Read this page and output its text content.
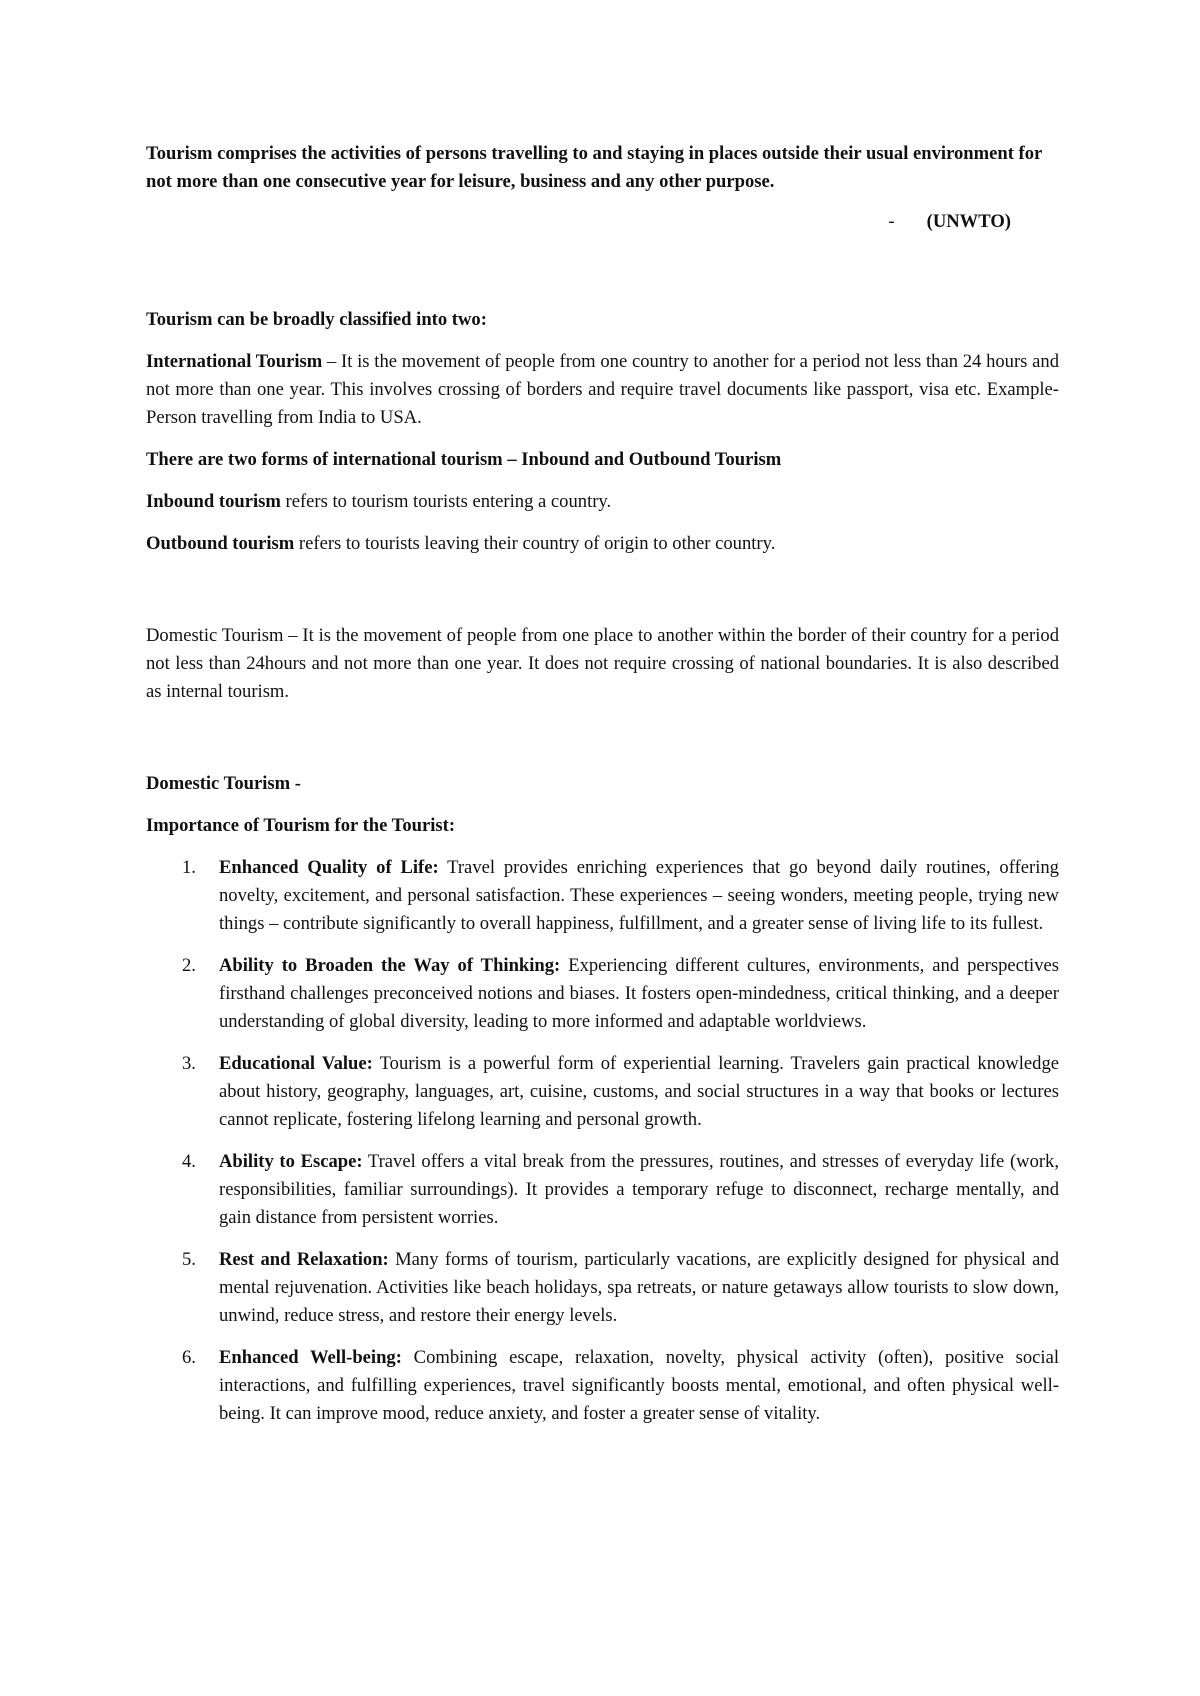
Tourism comprises the activities of persons travelling to and staying in places outside their usual environment for not more than one consecutive year for leisure, business and any other purpose.

- (UNWTO)

Tourism can be broadly classified into two:

International Tourism – It is the movement of people from one country to another for a period not less than 24 hours and not more than one year. This involves crossing of borders and require travel documents like passport, visa etc. Example- Person travelling from India to USA.

There are two forms of international tourism – Inbound and Outbound Tourism

Inbound tourism refers to tourism tourists entering a country.

Outbound tourism refers to tourists leaving their country of origin to other country.

Domestic Tourism – It is the movement of people from one place to another within the border of their country for a period not less than 24hours and not more than one year. It does not require crossing of national boundaries. It is also described as internal tourism.

Domestic Tourism -

Importance of Tourism for the Tourist:

1. Enhanced Quality of Life: Travel provides enriching experiences that go beyond daily routines, offering novelty, excitement, and personal satisfaction. These experiences – seeing wonders, meeting people, trying new things – contribute significantly to overall happiness, fulfillment, and a greater sense of living life to its fullest.
2. Ability to Broaden the Way of Thinking: Experiencing different cultures, environments, and perspectives firsthand challenges preconceived notions and biases. It fosters open-mindedness, critical thinking, and a deeper understanding of global diversity, leading to more informed and adaptable worldviews.
3. Educational Value: Tourism is a powerful form of experiential learning. Travelers gain practical knowledge about history, geography, languages, art, cuisine, customs, and social structures in a way that books or lectures cannot replicate, fostering lifelong learning and personal growth.
4. Ability to Escape: Travel offers a vital break from the pressures, routines, and stresses of everyday life (work, responsibilities, familiar surroundings). It provides a temporary refuge to disconnect, recharge mentally, and gain distance from persistent worries.
5. Rest and Relaxation: Many forms of tourism, particularly vacations, are explicitly designed for physical and mental rejuvenation. Activities like beach holidays, spa retreats, or nature getaways allow tourists to slow down, unwind, reduce stress, and restore their energy levels.
6. Enhanced Well-being: Combining escape, relaxation, novelty, physical activity (often), positive social interactions, and fulfilling experiences, travel significantly boosts mental, emotional, and often physical well-being. It can improve mood, reduce anxiety, and foster a greater sense of vitality.
